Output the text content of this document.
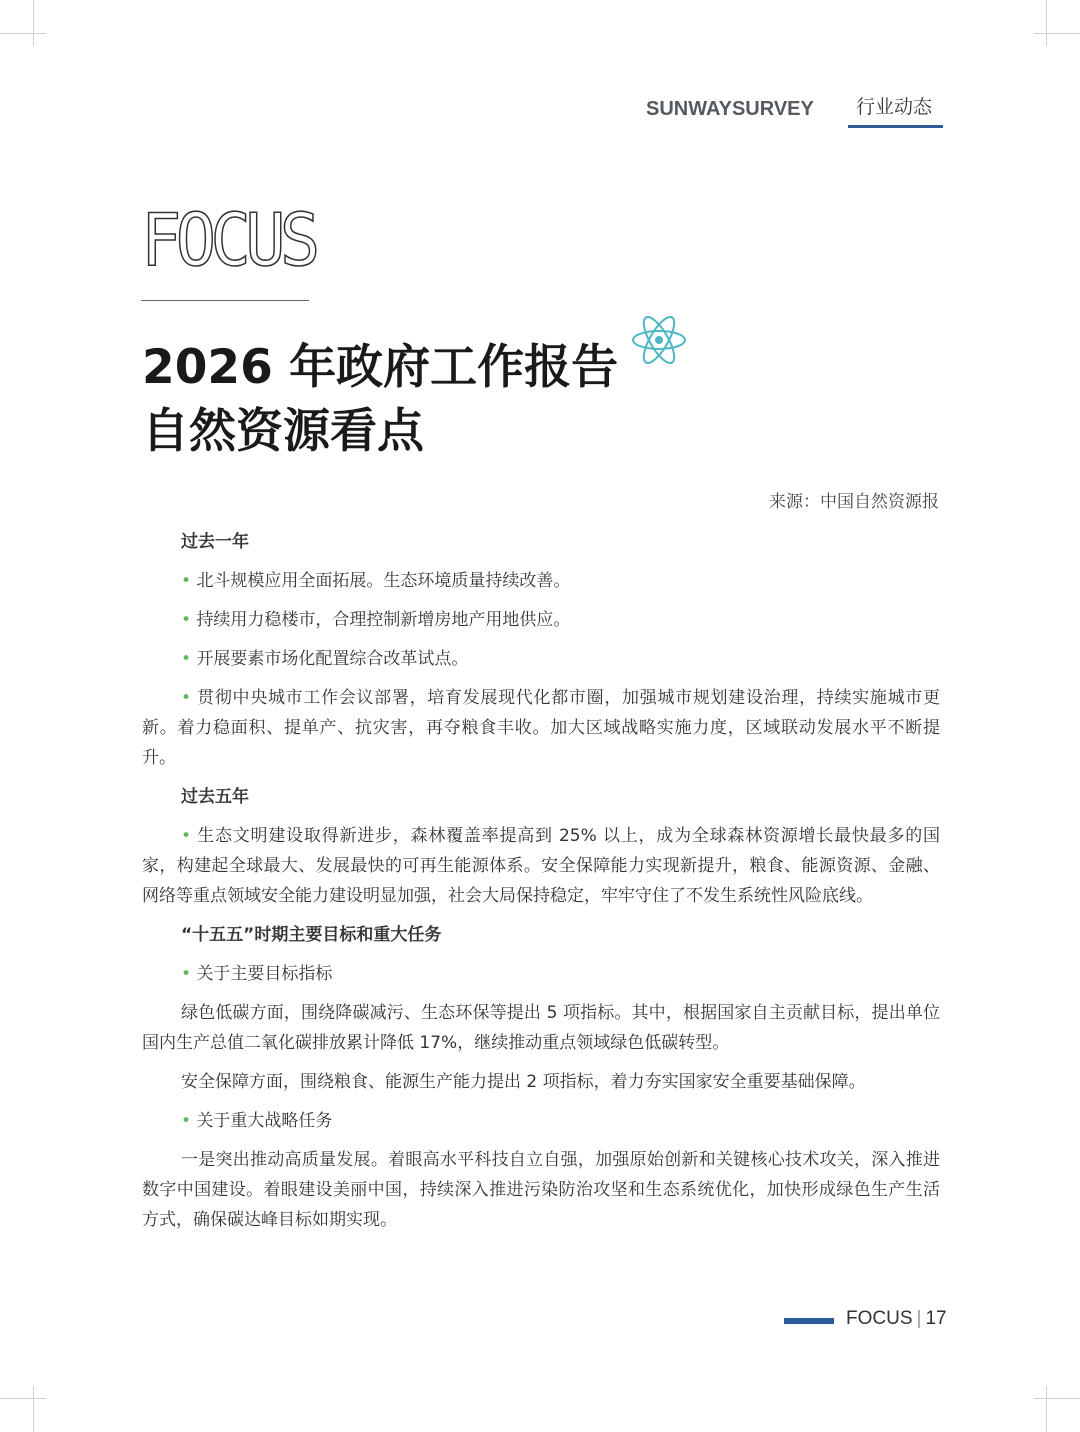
SUNWAYSURVEY 行业动态
FOCUS
2026 年政府工作报告
自然资源看点
来源：中国自然资源报

过去一年

• 北斗规模应用全面拓展。生态环境质量持续改善。

• 持续用力稳楼市，合理控制新增房地产用地供应。

• 开展要素市场化配置综合改革试点。

• 贯彻中央城市工作会议部署，培育发展现代化都市圈，加强城市规划建设治理，持续实施城市更新。着力稳面积、提单产、抗灾害，再夺粮食丰收。加大区域战略实施力度，区域联动发展水平不断提升。

过去五年

• 生态文明建设取得新进步，森林覆盖率提高到 25% 以上，成为全球森林资源增长最快最多的国家，构建起全球最大、发展最快的可再生能源体系。安全保障能力实现新提升，粮食、能源资源、金融、网络等重点领域安全能力建设明显加强，社会大局保持稳定，牢牢守住了不发生系统性风险底线。

“十五五”时期主要目标和重大任务

• 关于主要目标指标

绿色低碳方面，围绕降碳减污、生态环保等提出 5 项指标。其中，根据国家自主贡献目标，提出单位国内生产总值二氧化碳排放累计降低 17%，继续推动重点领域绿色低碳转型。

安全保障方面，围绕粮食、能源生产能力提出 2 项指标，着力夯实国家安全重要基础保障。

• 关于重大战略任务

一是突出推动高质量发展。着眼高水平科技自立自强，加强原始创新和关键核心技术攻关，深入推进数字中国建设。着眼建设美丽中国，持续深入推进污染防治攻坚和生态系统优化，加快形成绿色生产生活方式，确保碳达峰目标如期实现。

FOCUS | 17
